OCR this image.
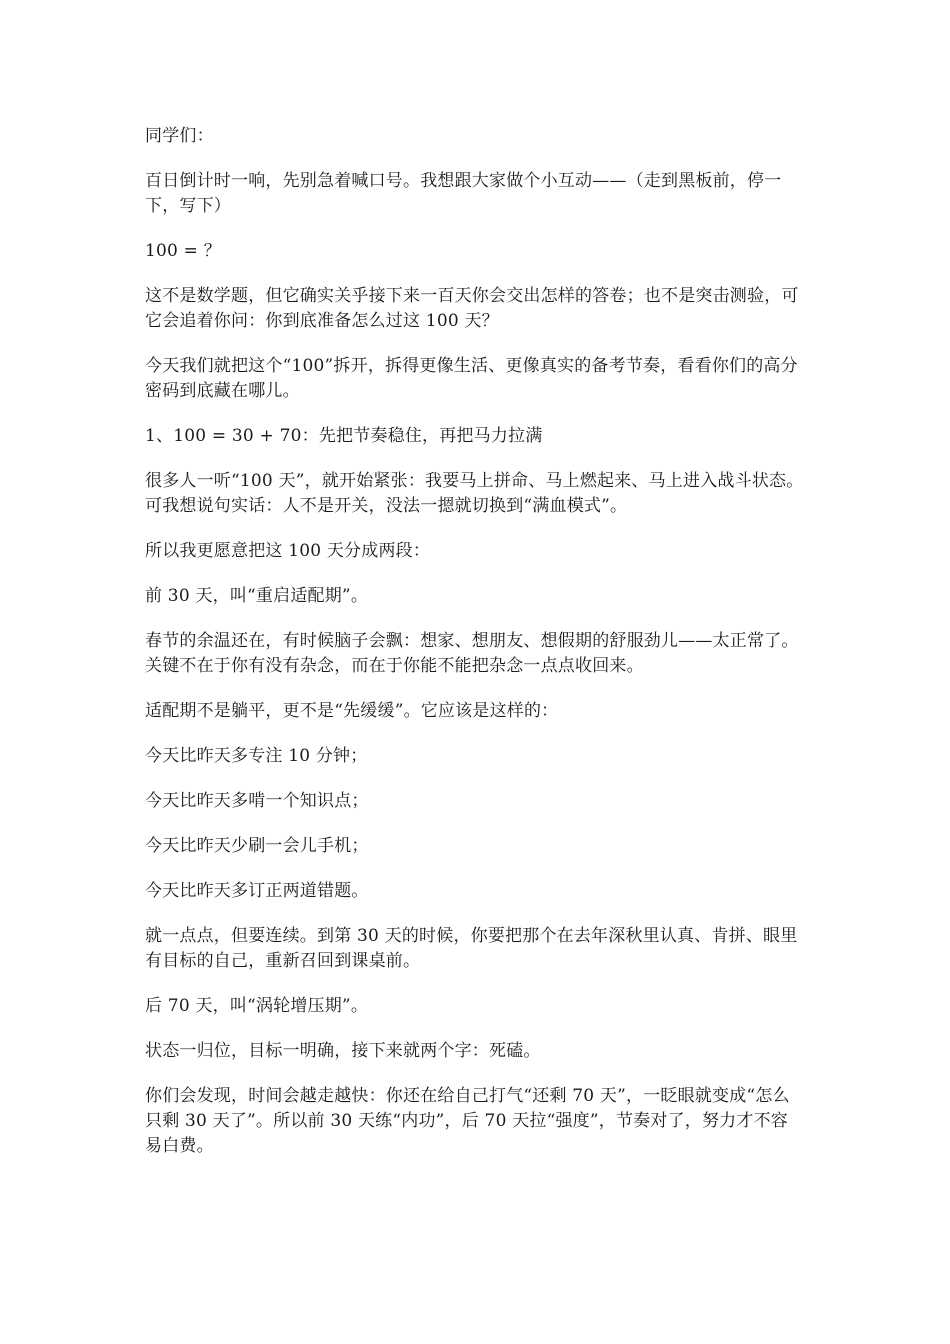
同学们：

百日倒计时一响，先别急着喊口号。我想跟大家做个小互动——（走到黑板前，停一下，写下）

100 = ？

这不是数学题，但它确实关乎接下来一百天你会交出怎样的答卷；也不是突击测验，可它会追着你问：你到底准备怎么过这 100 天？

今天我们就把这个“100”拆开，拆得更像生活、更像真实的备考节奏，看看你们的高分密码到底藏在哪儿。

1、100 = 30 + 70：先把节奏稳住，再把马力拉满

很多人一听“100 天”，就开始紧张：我要马上拼命、马上燃起来、马上进入战斗状态。可我想说句实话：人不是开关，没法一摁就切换到“满血模式”。

所以我更愿意把这 100 天分成两段：

前 30 天，叫“重启适配期”。

春节的余温还在，有时候脑子会飘：想家、想朋友、想假期的舒服劲儿——太正常了。关键不在于你有没有杂念，而在于你能不能把杂念一点点收回来。

适配期不是躺平，更不是“先缓缓”。它应该是这样的：

今天比昨天多专注 10 分钟；

今天比昨天多啃一个知识点；

今天比昨天少刷一会儿手机；

今天比昨天多订正两道错题。

就一点点，但要连续。到第 30 天的时候，你要把那个在去年深秋里认真、肯拼、眼里有目标的自己，重新召回到课桌前。

后 70 天，叫“涡轮增压期”。

状态一归位，目标一明确，接下来就两个字：死磕。

你们会发现，时间会越走越快：你还在给自己打气“还剩 70 天”，一眨眼就变成“怎么只剩 30 天了”。所以前 30 天练“内功”，后 70 天拉“强度”，节奏对了，努力才不容易白费。
